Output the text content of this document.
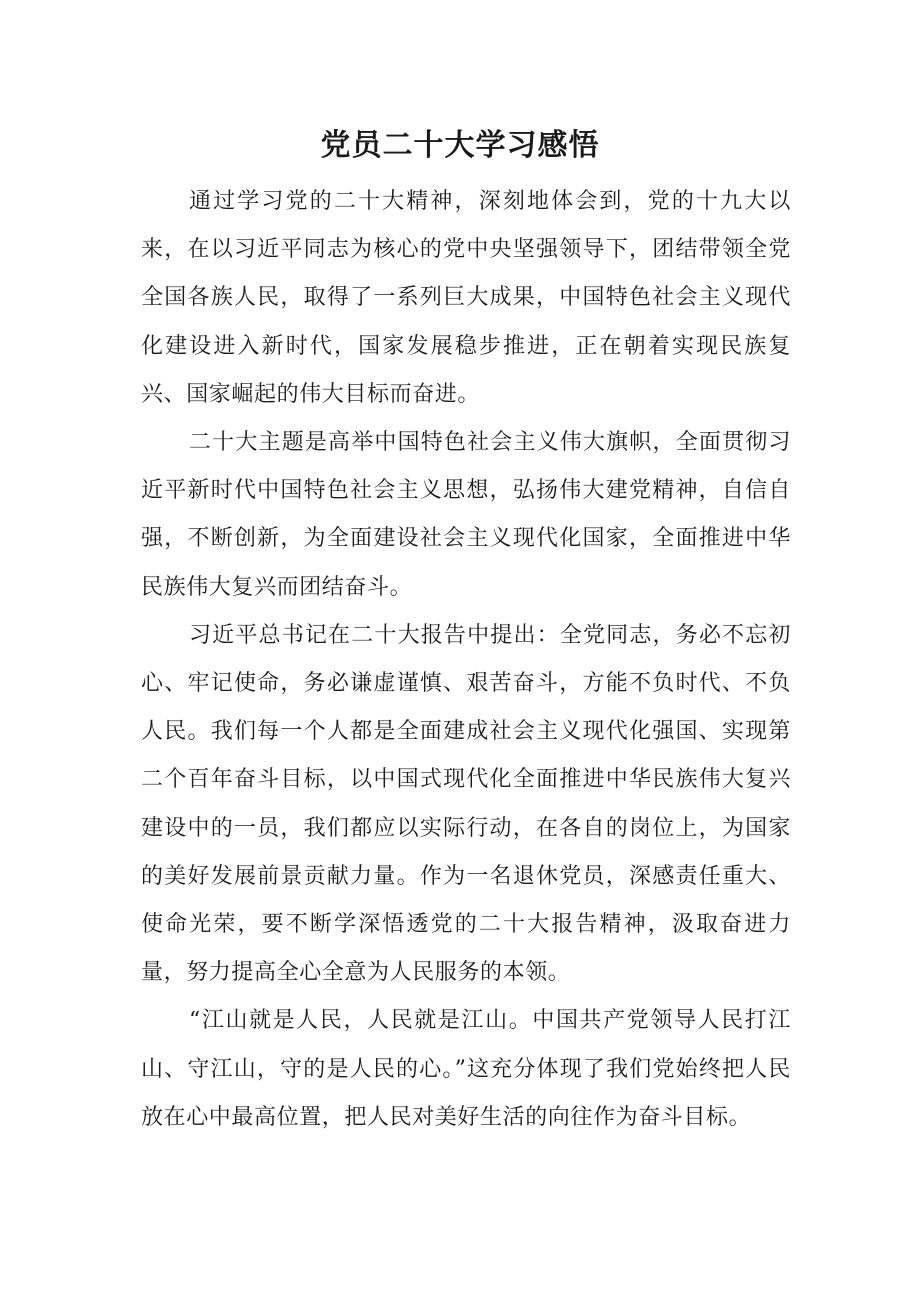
党员二十大学习感悟

通过学习党的二十大精神，深刻地体会到，党的十九大以来，在以习近平同志为核心的党中央坚强领导下，团结带领全党全国各族人民，取得了一系列巨大成果，中国特色社会主义现代化建设进入新时代，国家发展稳步推进，正在朝着实现民族复兴、国家崛起的伟大目标而奋进。

二十大主题是高举中国特色社会主义伟大旗帜，全面贯彻习近平新时代中国特色社会主义思想，弘扬伟大建党精神，自信自强，不断创新，为全面建设社会主义现代化国家，全面推进中华民族伟大复兴而团结奋斗。

习近平总书记在二十大报告中提出：全党同志，务必不忘初心、牢记使命，务必谦虚谨慎、艰苦奋斗，方能不负时代、不负人民。我们每一个人都是全面建成社会主义现代化强国、实现第二个百年奋斗目标，以中国式现代化全面推进中华民族伟大复兴建设中的一员，我们都应以实际行动，在各自的岗位上，为国家的美好发展前景贡献力量。作为一名退休党员，深感责任重大、使命光荣，要不断学深悟透党的二十大报告精神，汲取奋进力量，努力提高全心全意为人民服务的本领。

“江山就是人民，人民就是江山。中国共产党领导人民打江山、守江山，守的是人民的心。”这充分体现了我们党始终把人民放在心中最高位置，把人民对美好生活的向往作为奋斗目标。
